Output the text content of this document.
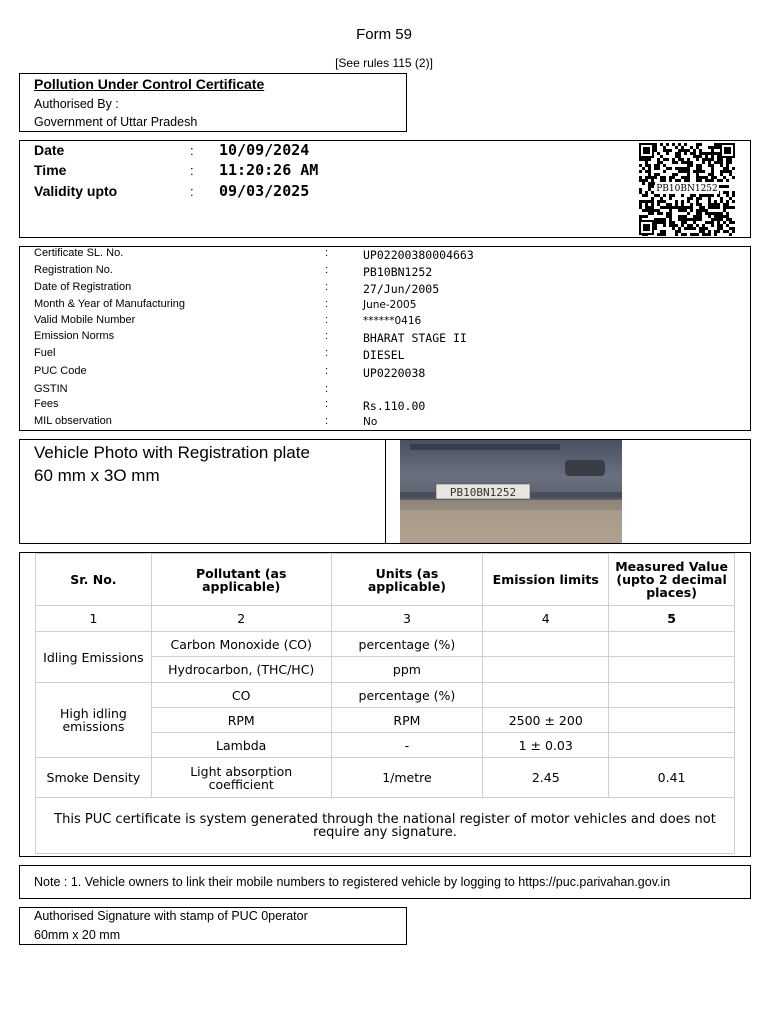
Form 59
[See rules 115 (2)]
Pollution Under Control Certificate
Authorised By :
Government of Uttar Pradesh
Date	: 10/09/2024
Time	: 11:20:26 AM
Validity upto	: 09/03/2025	PB10BN1252
Certificate SL. No.	:	UP02200380004663
Registration No.	:	PB10BN1252
Date of Registration	:	27/Jun/2005
Month & Year of Manufacturing	:	June-2005
Valid Mobile Number	:	******0416
Emission Norms	:	BHARAT STAGE II
Fuel	:	DIESEL
PUC Code	:	UP0220038
GSTIN	:
Fees	:	Rs.110.00
MIL observation	:	No
Vehicle Photo with Registration plate
60 mm x 3O mm
PB10BN1252
Sr. No.	Pollutant (as applicable)	Units (as applicable)	Emission limits	Measured Value (upto 2 decimal places)
1	2	3	4	5
Idling Emissions	Carbon Monoxide (CO)	percentage (%)		
	Hydrocarbon, (THC/HC)	ppm		
High idling emissions	CO	percentage (%)		
	RPM	RPM	2500 ± 200	
	Lambda	-	1 ± 0.03	
Smoke Density	Light absorption coefficient	1/metre	2.45	0.41
This PUC certificate is system generated through the national register of motor vehicles and does not require any signature.				
Note : 1. Vehicle owners to link their mobile numbers to registered vehicle by logging to https://puc.parivahan.gov.in
Authorised Signature with stamp of PUC 0perator
60mm x 20 mm
